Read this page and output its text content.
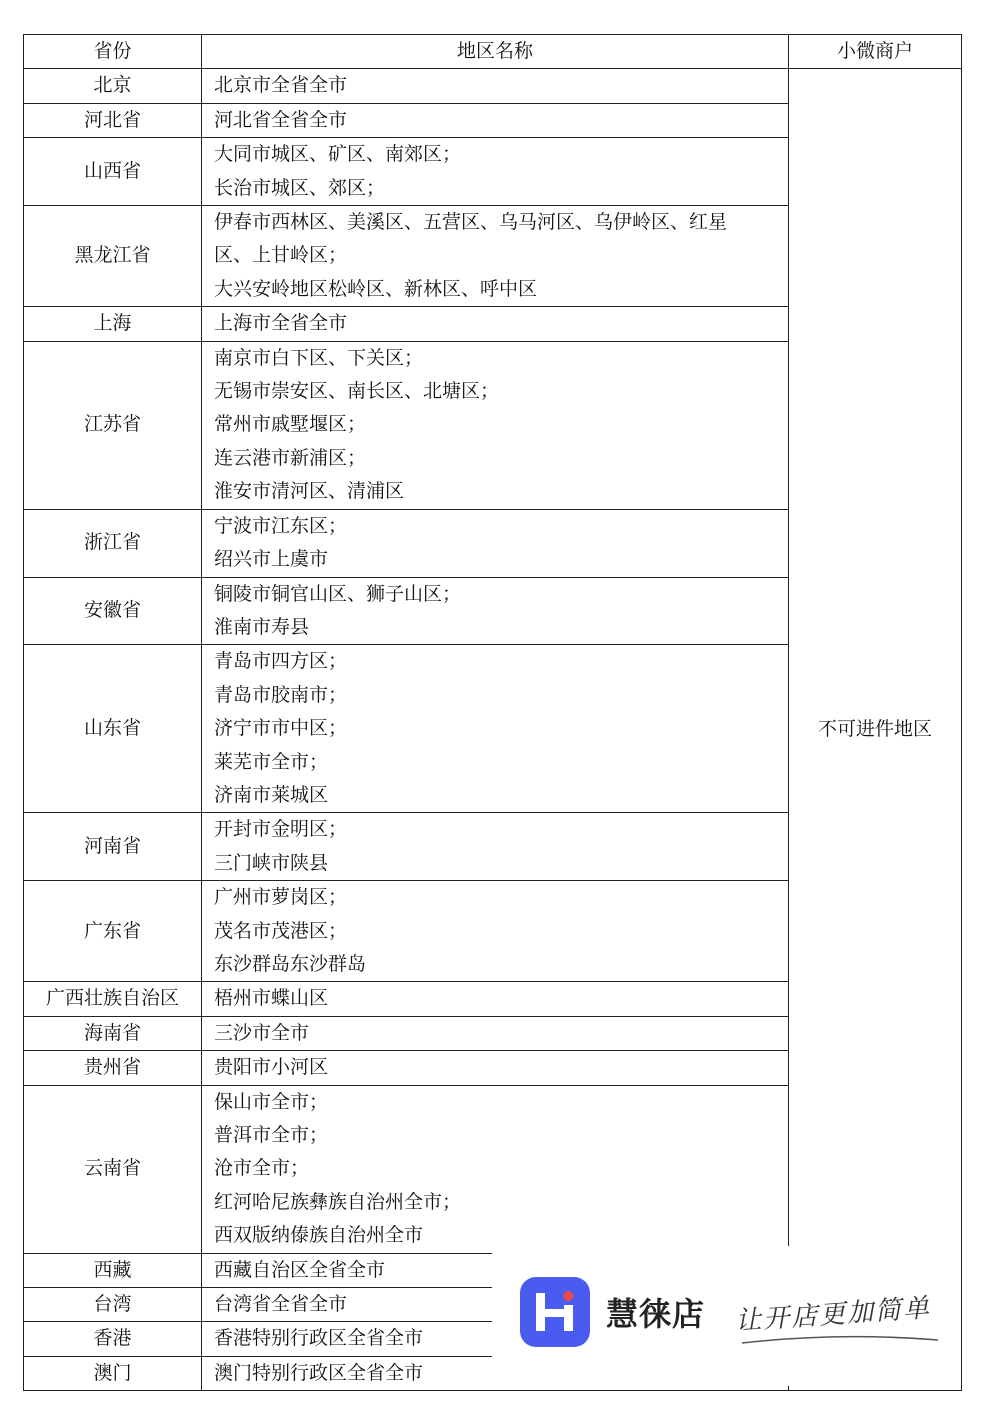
省份	地区名称	小微商户
北京	北京市全省全市	不可进件地区
河北省	河北省全省全市	

山西省	大同市城区、矿区、南郊区；
长治市城区、郊区；	

黑龙江省	伊春市西林区、美溪区、五营区、乌马河区、乌伊岭区、红星
区、上甘岭区；
大兴安岭地区松岭区、新林区、呼中区	

上海	上海市全省全市	

江苏省	南京市白下区、下关区；
无锡市崇安区、南长区、北塘区；
常州市戚墅堰区；
连云港市新浦区；
淮安市清河区、清浦区	

浙江省	宁波市江东区；
绍兴市上虞市	

安徽省	铜陵市铜官山区、狮子山区；
淮南市寿县	

山东省	青岛市四方区；
青岛市胶南市；
济宁市市中区；
莱芜市全市；
济南市莱城区	

河南省	开封市金明区；
三门峡市陕县	

广东省	广州市萝岗区；
茂名市茂港区；
东沙群岛东沙群岛	

广西壮族自治区	梧州市蝶山区	

海南省	三沙市全市	

贵州省	贵阳市小河区	

云南省	保山市全市；
普洱市全市；
沧市全市；
红河哈尼族彝族自治州全市；
西双版纳傣族自治州全市	

西藏	西藏自治区全省全市	

台湾	台湾省全省全市	

香港	香港特别行政区全省全市	

澳门	澳门特别行政区全省全市	
慧徕店 让开店更加简单
